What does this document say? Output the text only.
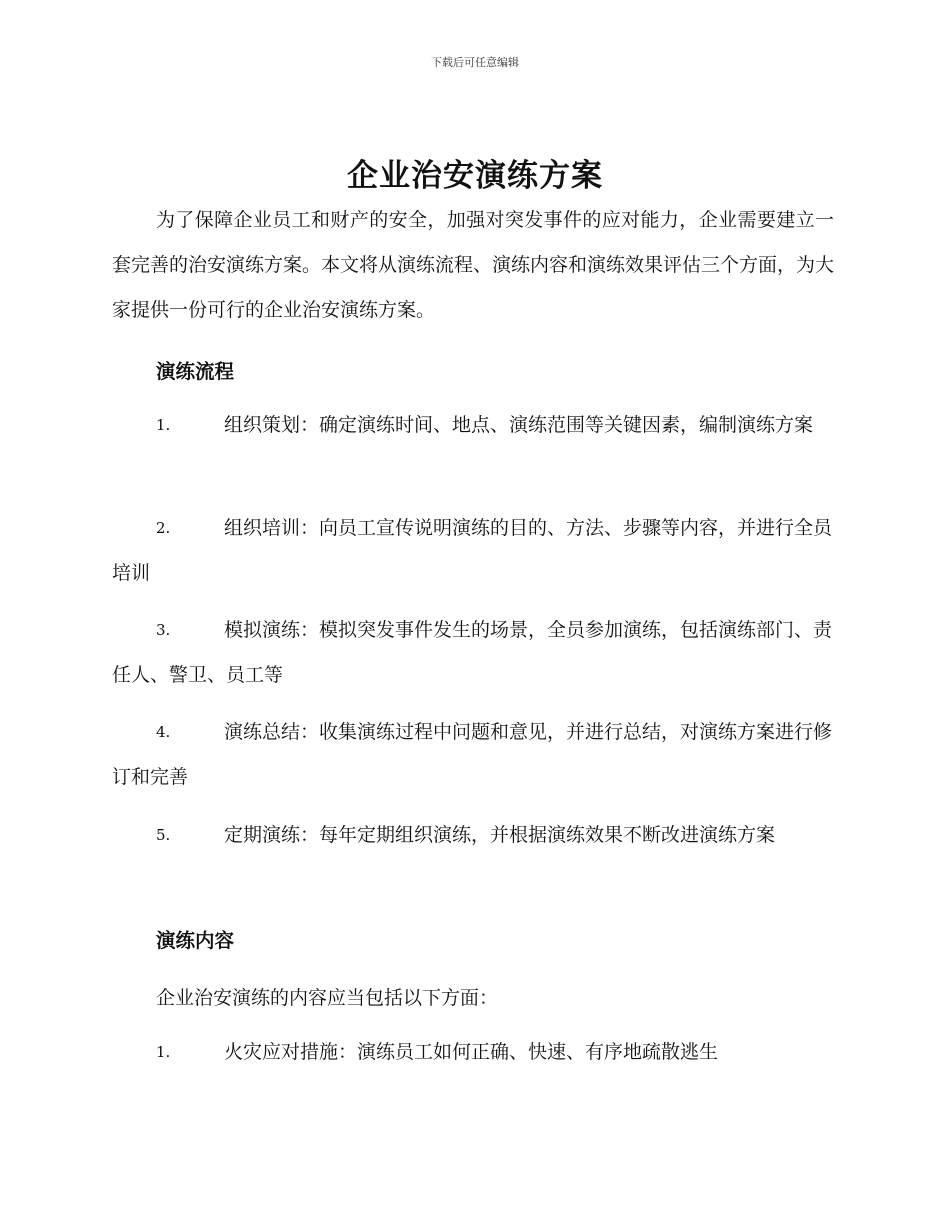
下载后可任意编辑
企业治安演练方案
为了保障企业员工和财产的安全，加强对突发事件的应对能力，企业需要建立一套完善的治安演练方案。本文将从演练流程、演练内容和演练效果评估三个方面，为大家提供一份可行的企业治安演练方案。
演练流程
1.	组织策划：确定演练时间、地点、演练范围等关键因素，编制演练方案
2.	组织培训：向员工宣传说明演练的目的、方法、步骤等内容，并进行全员培训
3.	模拟演练：模拟突发事件发生的场景，全员参加演练，包括演练部门、责任人、警卫、员工等
4.	演练总结：收集演练过程中问题和意见，并进行总结，对演练方案进行修订和完善
5.	定期演练：每年定期组织演练，并根据演练效果不断改进演练方案
演练内容
企业治安演练的内容应当包括以下方面：
1.	火灾应对措施：演练员工如何正确、快速、有序地疏散逃生
